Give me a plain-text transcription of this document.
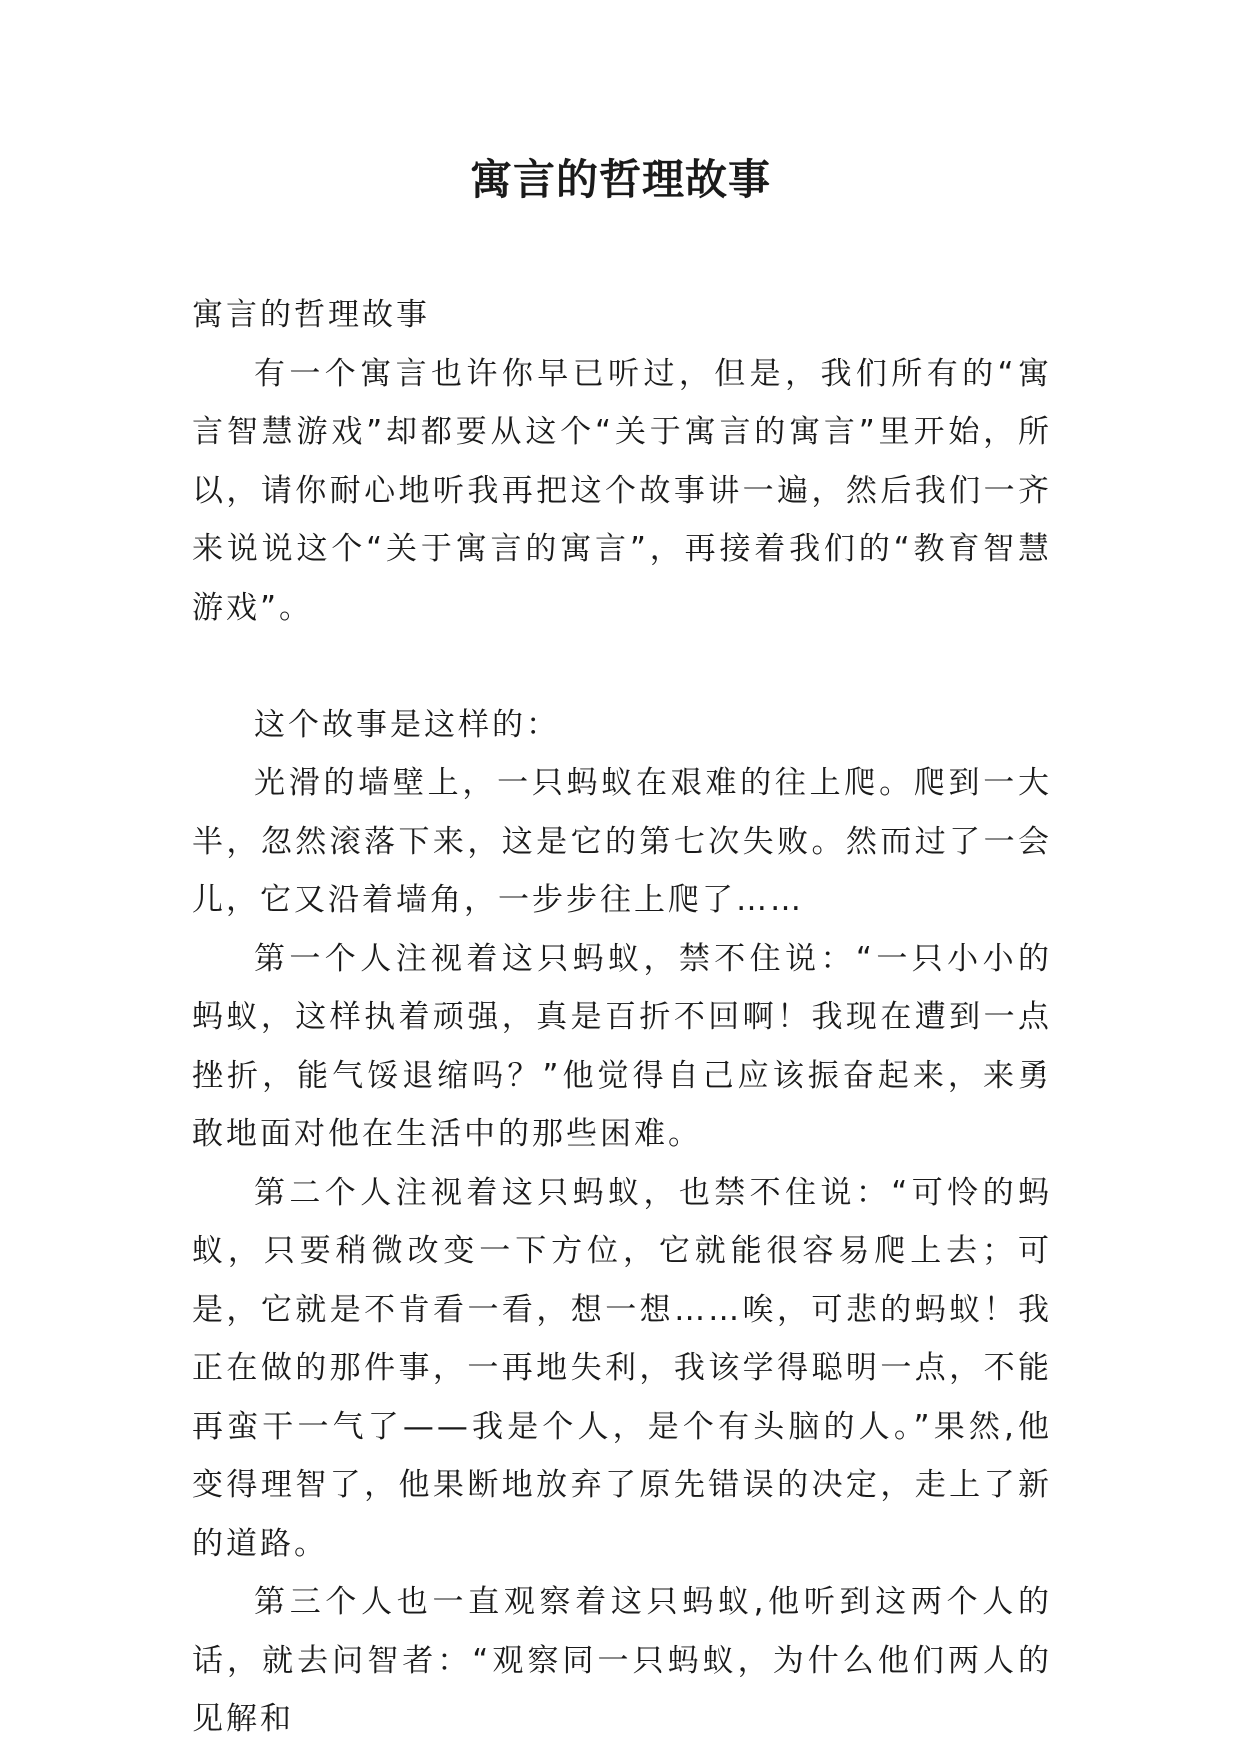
寓言的哲理故事

寓言的哲理故事

有一个寓言也许你早已听过，但是，我们所有的“寓言智慧游戏”却都要从这个“关于寓言的寓言”里开始，所以，请你耐心地听我再把这个故事讲一遍，然后我们一齐来说说这个“关于寓言的寓言”，再接着我们的“教育智慧游戏”。

这个故事是这样的：

光滑的墙壁上，一只蚂蚁在艰难的往上爬。爬到一大半，忽然滚落下来，这是它的第七次失败。然而过了一会儿，它又沿着墙角，一步步往上爬了……

第一个人注视着这只蚂蚁，禁不住说：“一只小小的蚂蚁，这样执着顽强，真是百折不回啊！我现在遭到一点挫折，能气馁退缩吗？”他觉得自己应该振奋起来，来勇敢地面对他在生活中的那些困难。

第二个人注视着这只蚂蚁，也禁不住说：“可怜的蚂蚁，只要稍微改变一下方位，它就能很容易爬上去；可是，它就是不肯看一看，想一想……唉，可悲的蚂蚁！我正在做的那件事，一再地失利，我该学得聪明一点，不能再蛮干一气了——我是个人，是个有头脑的人。”果然,他变得理智了，他果断地放弃了原先错误的决定，走上了新的道路。

第三个人也一直观察着这只蚂蚁,他听到这两个人的话，就去问智者：“观察同一只蚂蚁，为什么他们两人的见解和
